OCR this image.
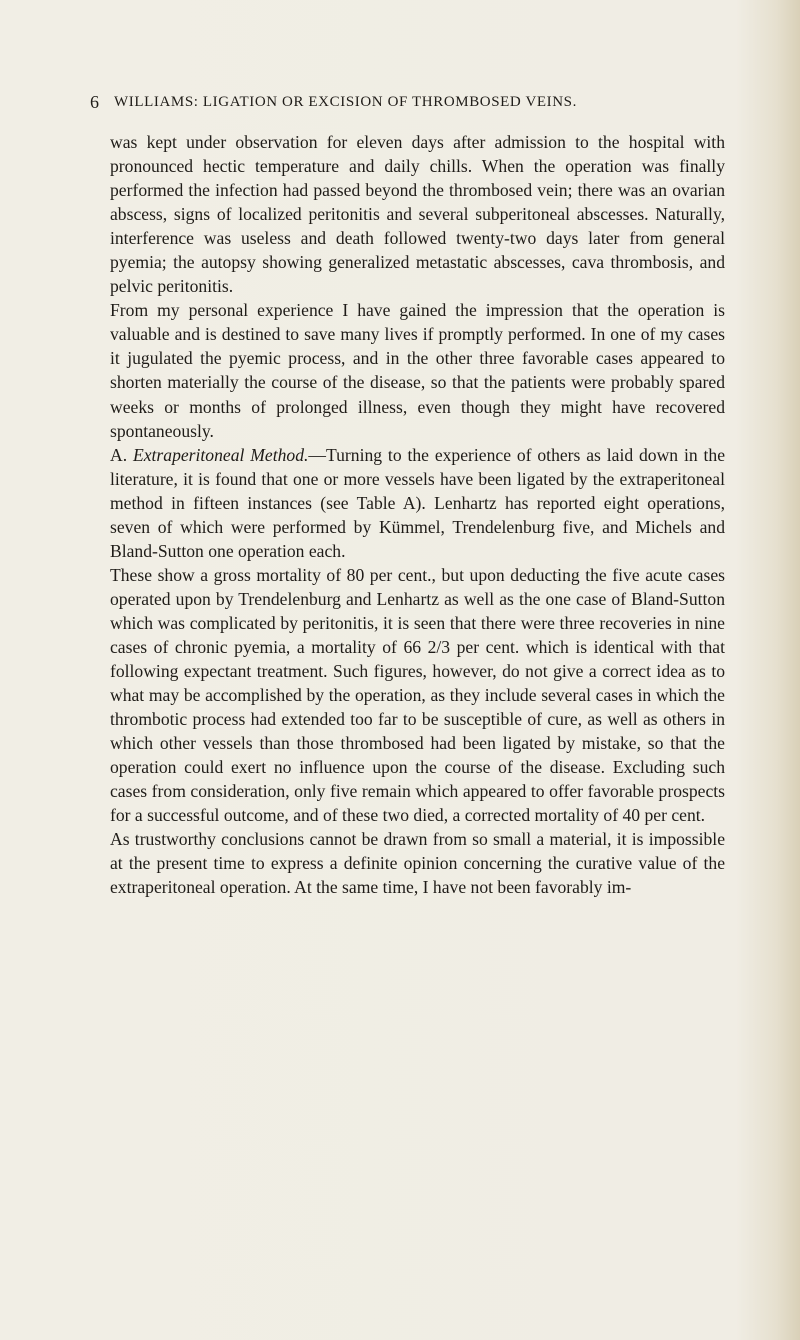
6 WILLIAMS: LIGATION OR EXCISION OF THROMBOSED VEINS.

was kept under observation for eleven days after admission to the hospital with pronounced hectic temperature and daily chills. When the operation was finally performed the infection had passed beyond the thrombosed vein; there was an ovarian abscess, signs of localized peritonitis and several subperitoneal abscesses. Naturally, interference was useless and death followed twenty-two days later from general pyemia; the autopsy showing generalized metastatic abscesses, cava thrombosis, and pelvic peritonitis.

From my personal experience I have gained the impression that the operation is valuable and is destined to save many lives if promptly performed. In one of my cases it jugulated the pyemic process, and in the other three favorable cases appeared to shorten materially the course of the disease, so that the patients were probably spared weeks or months of prolonged illness, even though they might have recovered spontaneously.

A. Extraperitoneal Method.—Turning to the experience of others as laid down in the literature, it is found that one or more vessels have been ligated by the extraperitoneal method in fifteen instances (see Table A). Lenhartz has reported eight operations, seven of which were performed by Kümmel, Trendelenburg five, and Michels and Bland-Sutton one operation each.

These show a gross mortality of 80 per cent., but upon deducting the five acute cases operated upon by Trendelenburg and Lenhartz as well as the one case of Bland-Sutton which was complicated by peritonitis, it is seen that there were three recoveries in nine cases of chronic pyemia, a mortality of 66 2/3 per cent. which is identical with that following expectant treatment. Such figures, however, do not give a correct idea as to what may be accomplished by the operation, as they include several cases in which the thrombotic process had extended too far to be susceptible of cure, as well as others in which other vessels than those thrombosed had been ligated by mistake, so that the operation could exert no influence upon the course of the disease. Excluding such cases from consideration, only five remain which appeared to offer favorable prospects for a successful outcome, and of these two died, a corrected mortality of 40 per cent.

As trustworthy conclusions cannot be drawn from so small a material, it is impossible at the present time to express a definite opinion concerning the curative value of the extraperitoneal operation. At the same time, I have not been favorably im-
